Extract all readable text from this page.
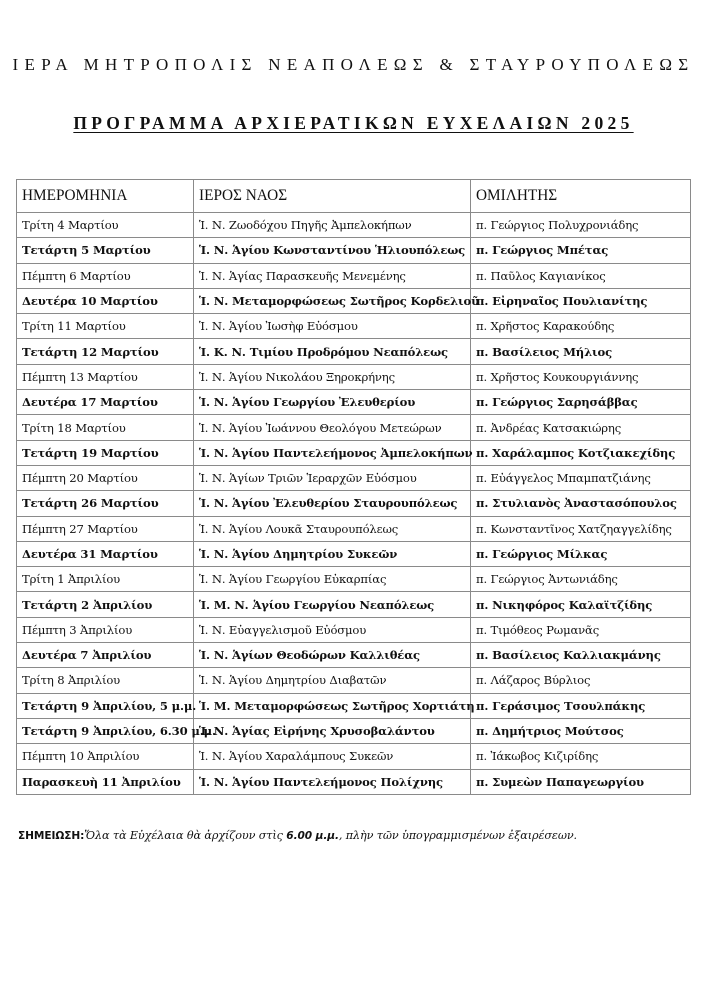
ΙΕΡΑ ΜΗΤΡΟΠΟΛΙΣ ΝΕΑΠΟΛΕΩΣ & ΣΤΑΥΡΟΥΠΟΛΕΩΣ
ΠΡΟΓΡΑΜΜΑ ΑΡΧΙΕΡΑΤΙΚΩΝ ΕΥΧΕΛΑΙΩΝ 2025
ΗΜΕΡΟΜΗΝΙΑ	ΙΕΡΟΣ ΝΑΟΣ	ΟΜΙΛΗΤΗΣ
Τρίτη 4 Μαρτίου	Ἱ. Ν. Ζωοδόχου Πηγῆς Ἀμπελοκήπων	π. Γεώργιος Πολυχρονιάδης
Τετάρτη 5 Μαρτίου	Ἱ. Ν. Ἁγίου Κωνσταντίνου Ἡλιουπόλεως	π. Γεώργιος Μπέτας
Πέμπτη 6 Μαρτίου	Ἱ. Ν. Ἁγίας Παρασκευῆς Μενεμένης	π. Παῦλος Καγιανίκος
Δευτέρα 10 Μαρτίου	Ἱ. Ν. Μεταμορφώσεως Σωτῆρος Κορδελιοῦ	π. Εἰρηναῖος Πουλιανίτης
Τρίτη 11 Μαρτίου	Ἱ. Ν. Ἁγίου Ἰωσὴφ Εὐόσμου	π. Χρῆστος Καρακούδης
Τετάρτη 12 Μαρτίου	Ἱ. Κ. Ν. Τιμίου Προδρόμου Νεαπόλεως	π. Βασίλειος Μήλιος
Πέμπτη 13 Μαρτίου	Ἱ. Ν. Ἁγίου Νικολάου Ξηροκρήνης	π. Χρῆστος Κουκουργιάννης
Δευτέρα 17 Μαρτίου	Ἱ. Ν. Ἁγίου Γεωργίου Ἐλευθερίου	π. Γεώργιος Σαρησάββας
Τρίτη 18 Μαρτίου	Ἱ. Ν. Ἁγίου Ἰωάννου Θεολόγου Μετεώρων	π. Ἀνδρέας Κατσακιώρης
Τετάρτη 19 Μαρτίου	Ἱ. Ν. Ἁγίου Παντελεήμονος Ἀμπελοκήπων	π. Χαράλαμπος Κοτζιακεχίδης
Πέμπτη 20 Μαρτίου	Ἱ. Ν. Ἁγίων Τριῶν Ἱεραρχῶν Εὐόσμου	π. Εὐάγγελος Μπαμπατζιάνης
Τετάρτη 26 Μαρτίου	Ἱ. Ν. Ἁγίου Ἐλευθερίου Σταυρουπόλεως	π. Στυλιανὸς Ἀναστασόπουλος
Πέμπτη 27 Μαρτίου	Ἱ. Ν. Ἁγίου Λουκᾶ Σταυρουπόλεως	π. Κωνσταντῖνος Χατζηαγγελίδης
Δευτέρα 31 Μαρτίου	Ἱ. Ν. Ἁγίου Δημητρίου Συκεῶν	π. Γεώργιος Μίλκας
Τρίτη 1 Ἀπριλίου	Ἱ. Ν. Ἁγίου Γεωργίου Εὐκαρπίας	π. Γεώργιος Ἀντωνιάδης
Τετάρτη 2 Ἀπριλίου	Ἱ. Μ. Ν. Ἁγίου Γεωργίου Νεαπόλεως	π. Νικηφόρος Καλαϊτζίδης
Πέμπτη 3 Ἀπριλίου	Ἱ. Ν. Εὐαγγελισμοῦ Εὐόσμου	π. Τιμόθεος Ρωμανᾶς
Δευτέρα 7 Ἀπριλίου	Ἱ. Ν. Ἁγίων Θεοδώρων Καλλιθέας	π. Βασίλειος Καλλιακμάνης
Τρίτη 8 Ἀπριλίου	Ἱ. Ν. Ἁγίου Δημητρίου Διαβατῶν	π. Λάζαρος Βύρλιος
Τετάρτη 9 Ἀπριλίου, 5 μ.μ.	Ἱ. Μ. Μεταμορφώσεως Σωτῆρος Χορτιάτη	π. Γεράσιμος Τσουλπάκης
Τετάρτη 9 Ἀπριλίου, 6.30 μ.μ.	Ἱ. Ν. Ἁγίας Εἰρήνης Χρυσοβαλάντου	π. Δημήτριος Μούτσος
Πέμπτη 10 Ἀπριλίου	Ἱ. Ν. Ἁγίου Χαραλάμπους Συκεῶν	π. Ἰάκωβος Κιζιρίδης
Παρασκευὴ 11 Ἀπριλίου	Ἱ. Ν. Ἁγίου Παντελεήμονος Πολίχνης	π. Συμεὼν Παπαγεωργίου
ΣΗΜΕΙΩΣΗ:Ὅλα τὰ Εὐχέλαια θὰ ἀρχίζουν στὶς 6.00 μ.μ., πλὴν τῶν ὑπογραμμισμένων ἐξαιρέσεων.
